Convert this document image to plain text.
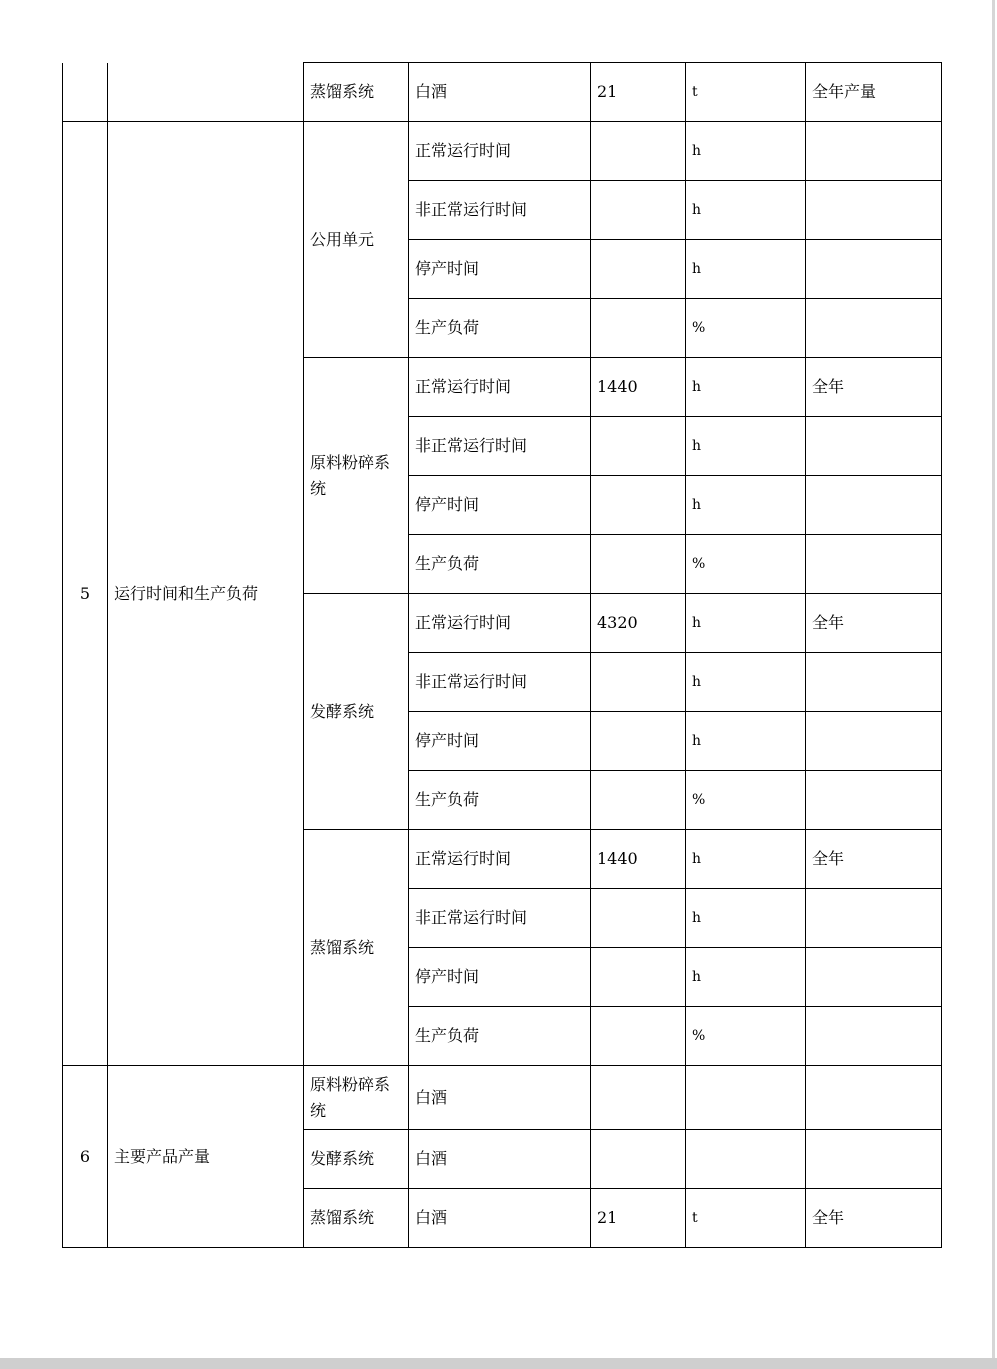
		蒸馏系统	白酒	21	t	全年产量
5	运行时间和生产负荷	公用单元	正常运行时间		h	
			非正常运行时间		h	
			停产时间		h	
			生产负荷		%	
		原料粉碎系统	正常运行时间	1440	h	全年
			非正常运行时间		h	
			停产时间		h	
			生产负荷		%	
		发酵系统	正常运行时间	4320	h	全年
			非正常运行时间		h	
			停产时间		h	
			生产负荷		%	
		蒸馏系统	正常运行时间	1440	h	全年
			非正常运行时间		h	
			停产时间		h	
			生产负荷		%	
6	主要产品产量	原料粉碎系统	白酒			
		发酵系统	白酒			
		蒸馏系统	白酒	21	t	全年
